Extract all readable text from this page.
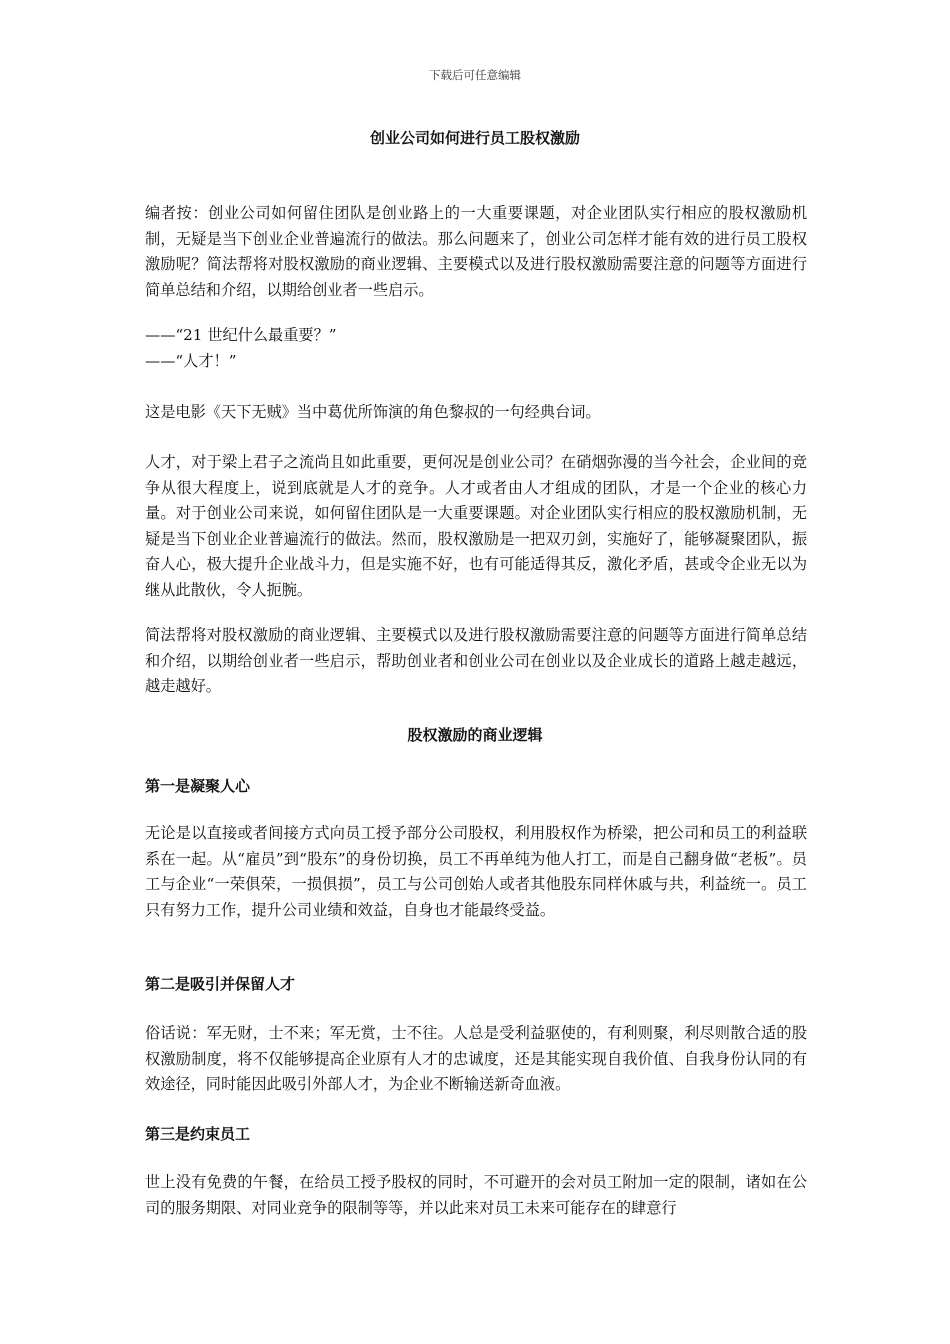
下载后可任意编辑
创业公司如何进行员工股权激励

编者按：创业公司如何留住团队是创业路上的一大重要课题，对企业团队实行相应的股权激励机制，无疑是当下创业企业普遍流行的做法。那么问题来了，创业公司怎样才能有效的进行员工股权激励呢？简法帮将对股权激励的商业逻辑、主要模式以及进行股权激励需要注意的问题等方面进行简单总结和介绍，以期给创业者一些启示。

——“21 世纪什么最重要？”

——“人才！”

这是电影《天下无贼》当中葛优所饰演的角色黎叔的一句经典台词。

人才，对于梁上君子之流尚且如此重要，更何况是创业公司？在硝烟弥漫的当今社会，企业间的竞争从很大程度上，说到底就是人才的竞争。人才或者由人才组成的团队，才是一个企业的核心力量。对于创业公司来说，如何留住团队是一大重要课题。对企业团队实行相应的股权激励机制，无疑是当下创业企业普遍流行的做法。然而，股权激励是一把双刃剑，实施好了，能够凝聚团队，振奋人心，极大提升企业战斗力，但是实施不好，也有可能适得其反，激化矛盾，甚或令企业无以为继从此散伙，令人扼腕。

简法帮将对股权激励的商业逻辑、主要模式以及进行股权激励需要注意的问题等方面进行简单总结和介绍，以期给创业者一些启示，帮助创业者和创业公司在创业以及企业成长的道路上越走越远，越走越好。

股权激励的商业逻辑
第一是凝聚人心

无论是以直接或者间接方式向员工授予部分公司股权，利用股权作为桥梁，把公司和员工的利益联系在一起。从“雇员”到“股东”的身份切换，员工不再单纯为他人打工，而是自己翻身做“老板”。员工与企业“一荣俱荣，一损俱损”，员工与公司创始人或者其他股东同样休戚与共，利益统一。员工只有努力工作，提升公司业绩和效益，自身也才能最终受益。

第二是吸引并保留人才

俗话说：军无财，士不来；军无赏，士不往。人总是受利益驱使的，有利则聚，利尽则散合适的股权激励制度，将不仅能够提高企业原有人才的忠诚度，还是其能实现自我价值、自我身份认同的有效途径，同时能因此吸引外部人才，为企业不断输送新奇血液。

第三是约束员工

世上没有免费的午餐，在给员工授予股权的同时，不可避开的会对员工附加一定的限制，诸如在公司的服务期限、对同业竞争的限制等等，并以此来对员工未来可能存在的肆意行
